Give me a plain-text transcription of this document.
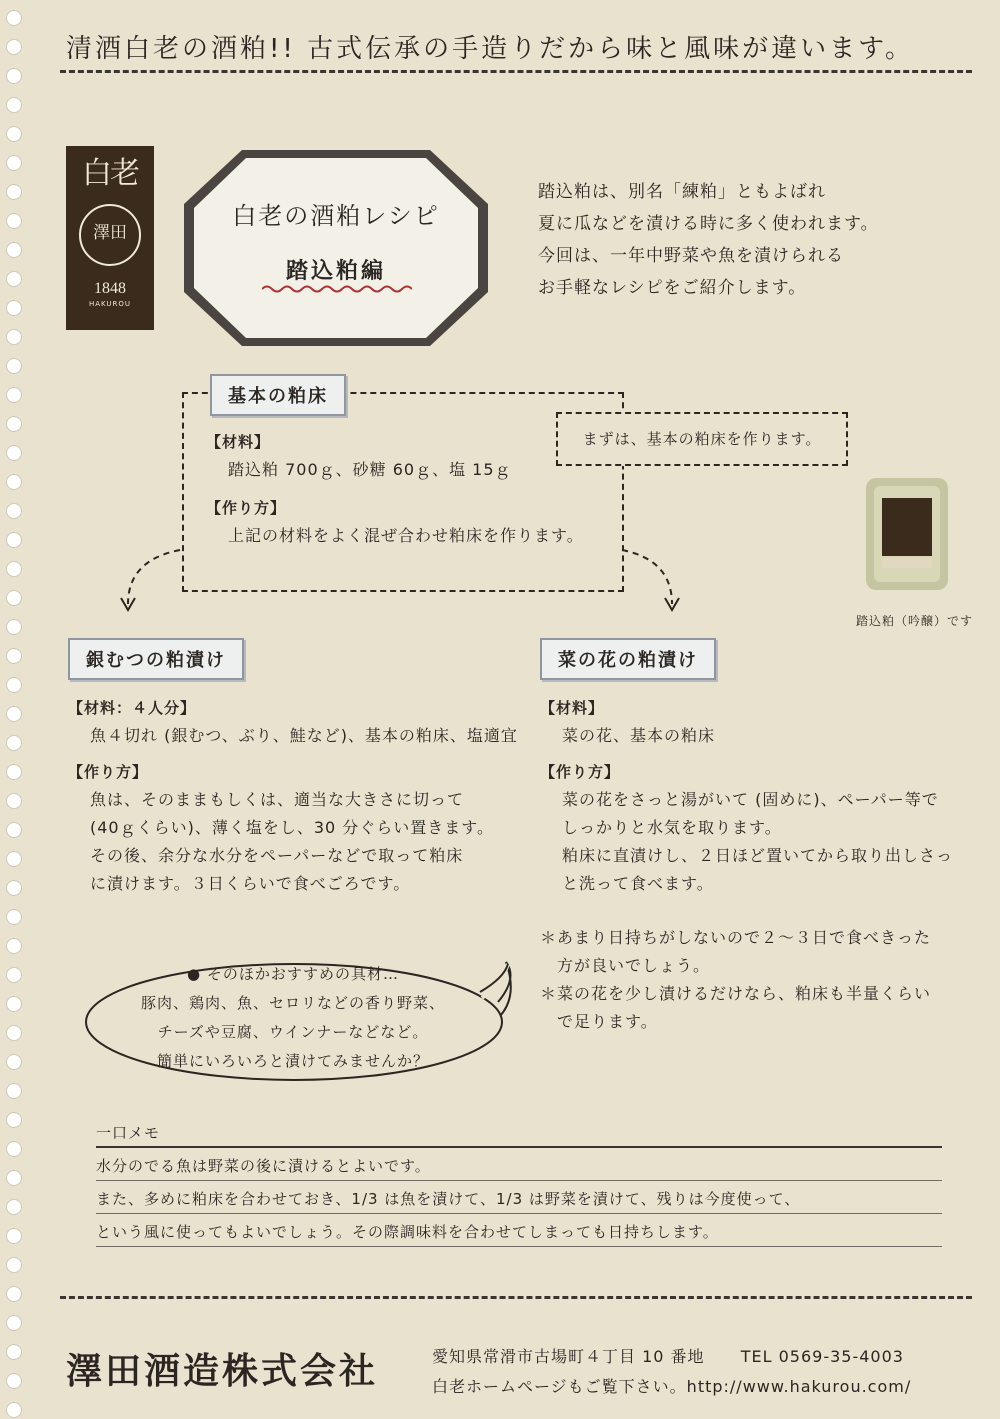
清酒白老の酒粕!! 古式伝承の手造りだから味と風味が違います。
白老
澤田
1848
HAKUROU
白老の酒粕レシピ
踏込粕編
踏込粕は、別名「練粕」ともよばれ
夏に瓜などを漬ける時に多く使われます。
今回は、一年中野菜や魚を漬けられる
お手軽なレシピをご紹介します。
基本の粕床
まずは、基本の粕床を作ります。
【材料】
踏込粕 700ｇ、砂糖 60ｇ、塩 15ｇ
【作り方】
上記の材料をよく混ぜ合わせ粕床を作ります。
踏込粕（吟醸）です
銀むつの粕漬け
【材料：４人分】
魚４切れ (銀むつ、ぶり、鮭など)、基本の粕床、塩適宜
【作り方】
魚は、そのままもしくは、適当な大きさに切って
(40ｇくらい)、薄く塩をし、30 分ぐらい置きます。
その後、余分な水分をペーパーなどで取って粕床
に漬けます。３日くらいで食べごろです。
菜の花の粕漬け
【材料】
菜の花、基本の粕床
【作り方】
菜の花をさっと湯がいて (固めに)、ペーパー等で
しっかりと水気を取ります。
粕床に直漬けし、２日ほど置いてから取り出しさっ
と洗って食べます。
＊あまり日持ちがしないので２～３日で食べきった
　方が良いでしょう。
＊菜の花を少し漬けるだけなら、粕床も半量くらい
　で足ります。
● そのほかおすすめの具材…
豚肉、鶏肉、魚、セロリなどの香り野菜、
チーズや豆腐、ウインナーなどなど。
簡単にいろいろと漬けてみませんか？
一口メモ
水分のでる魚は野菜の後に漬けるとよいです。
また、多めに粕床を合わせておき、1/3 は魚を漬けて、1/3 は野菜を漬けて、残りは今度使って、
という風に使ってもよいでしょう。その際調味料を合わせてしまっても日持ちします。
澤田酒造株式会社	愛知県常滑市古場町４丁目 10 番地 TEL 0569-35-4003
白老ホームページもご覧下さい。http://www.hakurou.com/
